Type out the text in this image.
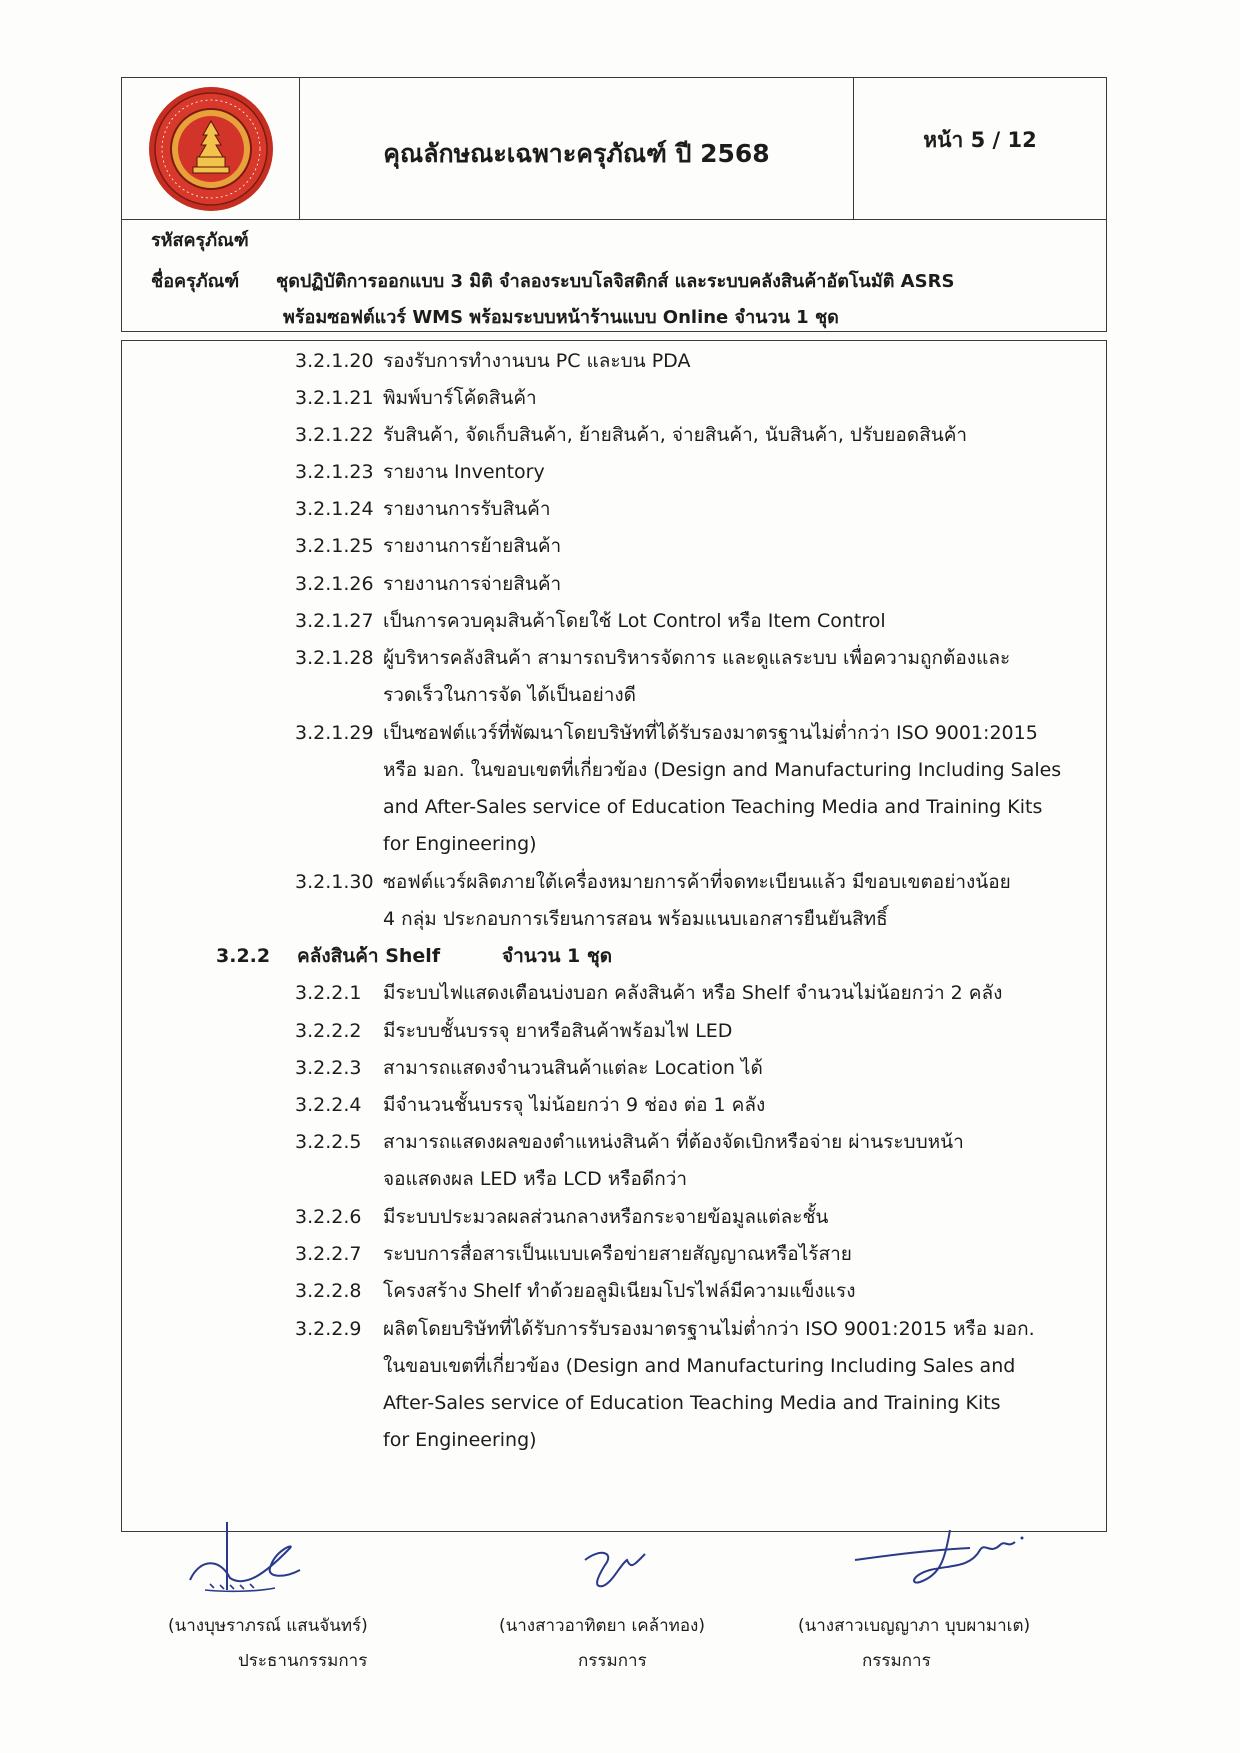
คุณลักษณะเฉพาะครุภัณฑ์ ปี 2568	หน้า 5 / 12
รหัสครุภัณฑ์
ชื่อครุภัณฑ์ ชุดปฏิบัติการออกแบบ 3 มิติ จำลองระบบโลจิสติกส์ และระบบคลังสินค้าอัตโนมัติ ASRS
พร้อมซอฟต์แวร์ WMS พร้อมระบบหน้าร้านแบบ Online จำนวน 1 ชุด
3.2.1.20 รองรับการทำงานบน PC และบน PDA
3.2.1.21 พิมพ์บาร์โค้ดสินค้า
3.2.1.22 รับสินค้า, จัดเก็บสินค้า, ย้ายสินค้า, จ่ายสินค้า, นับสินค้า, ปรับยอดสินค้า
3.2.1.23 รายงาน Inventory
3.2.1.24 รายงานการรับสินค้า
3.2.1.25 รายงานการย้ายสินค้า
3.2.1.26 รายงานการจ่ายสินค้า
3.2.1.27 เป็นการควบคุมสินค้าโดยใช้ Lot Control หรือ Item Control
3.2.1.28 ผู้บริหารคลังสินค้า สามารถบริหารจัดการ และดูแลระบบ เพื่อความถูกต้องและ
รวดเร็วในการจัด ได้เป็นอย่างดี
3.2.1.29 เป็นซอฟต์แวร์ที่พัฒนาโดยบริษัทที่ได้รับรองมาตรฐานไม่ต่ำกว่า ISO 9001:2015
หรือ มอก. ในขอบเขตที่เกี่ยวข้อง (Design and Manufacturing Including Sales
and After-Sales service of Education Teaching Media and Training Kits
for Engineering)
3.2.1.30 ซอฟต์แวร์ผลิตภายใต้เครื่องหมายการค้าที่จดทะเบียนแล้ว มีขอบเขตอย่างน้อย
4 กลุ่ม ประกอบการเรียนการสอน พร้อมแนบเอกสารยืนยันสิทธิ์
3.2.2 คลังสินค้า Shelf	จำนวน 1 ชุด
3.2.2.1 มีระบบไฟแสดงเตือนบ่งบอก คลังสินค้า หรือ Shelf จำนวนไม่น้อยกว่า 2 คลัง
3.2.2.2 มีระบบชั้นบรรจุ ยาหรือสินค้าพร้อมไฟ LED
3.2.2.3 สามารถแสดงจำนวนสินค้าแต่ละ Location ได้
3.2.2.4 มีจำนวนชั้นบรรจุ ไม่น้อยกว่า 9 ช่อง ต่อ 1 คลัง
3.2.2.5 สามารถแสดงผลของตำแหน่งสินค้า ที่ต้องจัดเบิกหรือจ่าย ผ่านระบบหน้า
จอแสดงผล LED หรือ LCD หรือดีกว่า
3.2.2.6 มีระบบประมวลผลส่วนกลางหรือกระจายข้อมูลแต่ละชั้น
3.2.2.7 ระบบการสื่อสารเป็นแบบเครือข่ายสายสัญญาณหรือไร้สาย
3.2.2.8 โครงสร้าง Shelf ทำด้วยอลูมิเนียมโปรไฟล์มีความแข็งแรง
3.2.2.9 ผลิตโดยบริษัทที่ได้รับการรับรองมาตรฐานไม่ต่ำกว่า ISO 9001:2015 หรือ มอก.
ในขอบเขตที่เกี่ยวข้อง (Design and Manufacturing Including Sales and
After-Sales service of Education Teaching Media and Training Kits
for Engineering)
(นางบุษราภรณ์ แสนจันทร์)
ประธานกรรมการ
(นางสาวอาทิตยา เคล้าทอง)
กรรมการ
(นางสาวเบญญาภา บุบผามาเต)
กรรมการ
